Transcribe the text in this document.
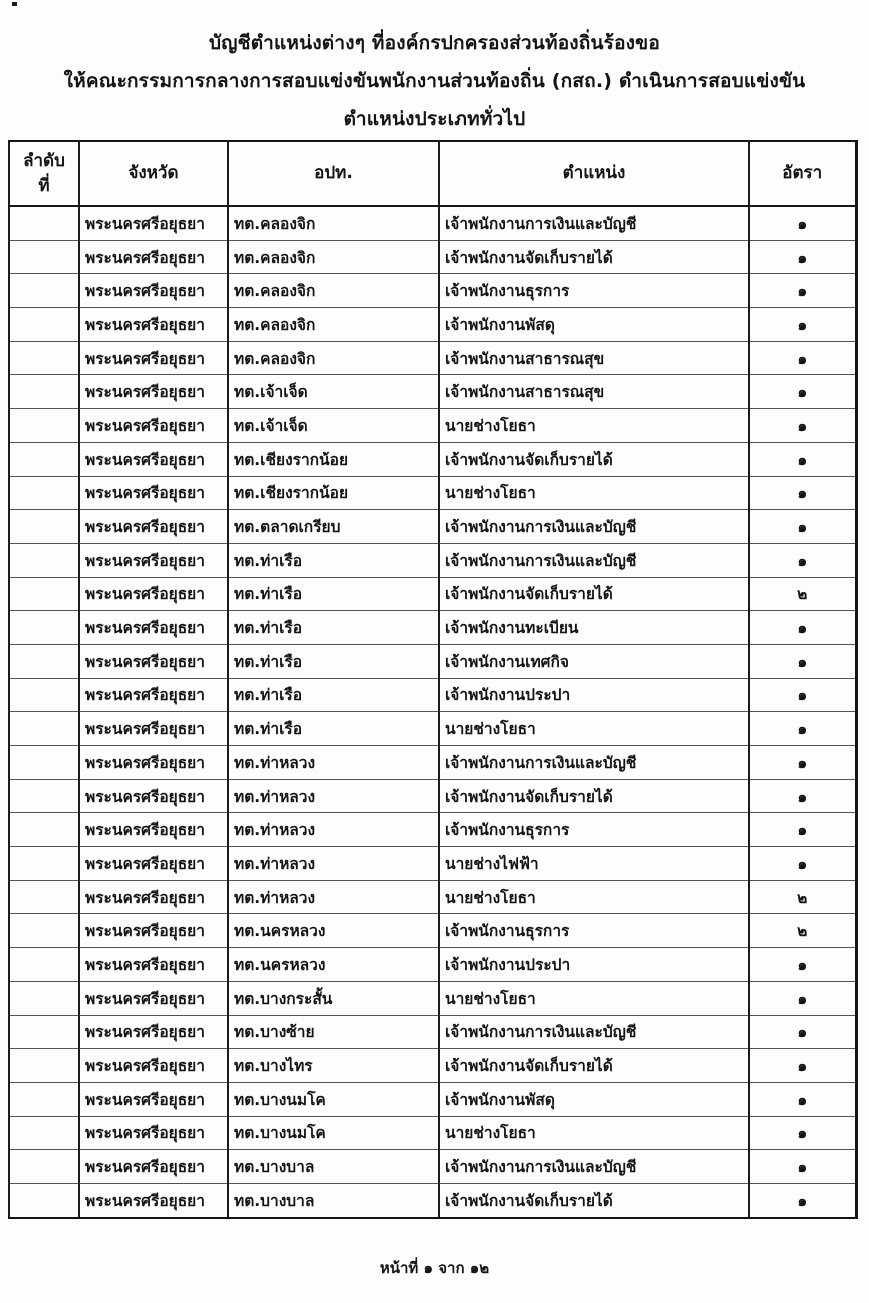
บัญชีตำแหน่งต่างๆ ที่องค์กรปกครองส่วนท้องถิ่นร้องขอ
ให้คณะกรรมการกลางการสอบแข่งขันพนักงานส่วนท้องถิ่น (กสถ.) ดำเนินการสอบแข่งขัน
ตำแหน่งประเภททั่วไป
ลำดับ
ที่	จังหวัด	อปท.	ตำแหน่ง	อัตรา
	พระนครศรีอยุธยา	ทต.คลองจิก	เจ้าพนักงานการเงินและบัญชี	๑
	พระนครศรีอยุธยา	ทต.คลองจิก	เจ้าพนักงานจัดเก็บรายได้	๑
	พระนครศรีอยุธยา	ทต.คลองจิก	เจ้าพนักงานธุรการ	๑
	พระนครศรีอยุธยา	ทต.คลองจิก	เจ้าพนักงานพัสดุ	๑
	พระนครศรีอยุธยา	ทต.คลองจิก	เจ้าพนักงานสาธารณสุข	๑
	พระนครศรีอยุธยา	ทต.เจ้าเจ็ด	เจ้าพนักงานสาธารณสุข	๑
	พระนครศรีอยุธยา	ทต.เจ้าเจ็ด	นายช่างโยธา	๑
	พระนครศรีอยุธยา	ทต.เชียงรากน้อย	เจ้าพนักงานจัดเก็บรายได้	๑
	พระนครศรีอยุธยา	ทต.เชียงรากน้อย	นายช่างโยธา	๑
	พระนครศรีอยุธยา	ทต.ตลาดเกรียบ	เจ้าพนักงานการเงินและบัญชี	๑
	พระนครศรีอยุธยา	ทต.ท่าเรือ	เจ้าพนักงานการเงินและบัญชี	๑
	พระนครศรีอยุธยา	ทต.ท่าเรือ	เจ้าพนักงานจัดเก็บรายได้	๒
	พระนครศรีอยุธยา	ทต.ท่าเรือ	เจ้าพนักงานทะเบียน	๑
	พระนครศรีอยุธยา	ทต.ท่าเรือ	เจ้าพนักงานเทศกิจ	๑
	พระนครศรีอยุธยา	ทต.ท่าเรือ	เจ้าพนักงานประปา	๑
	พระนครศรีอยุธยา	ทต.ท่าเรือ	นายช่างโยธา	๑
	พระนครศรีอยุธยา	ทต.ท่าหลวง	เจ้าพนักงานการเงินและบัญชี	๑
	พระนครศรีอยุธยา	ทต.ท่าหลวง	เจ้าพนักงานจัดเก็บรายได้	๑
	พระนครศรีอยุธยา	ทต.ท่าหลวง	เจ้าพนักงานธุรการ	๑
	พระนครศรีอยุธยา	ทต.ท่าหลวง	นายช่างไฟฟ้า	๑
	พระนครศรีอยุธยา	ทต.ท่าหลวง	นายช่างโยธา	๒
	พระนครศรีอยุธยา	ทต.นครหลวง	เจ้าพนักงานธุรการ	๒
	พระนครศรีอยุธยา	ทต.นครหลวง	เจ้าพนักงานประปา	๑
	พระนครศรีอยุธยา	ทต.บางกระสั้น	นายช่างโยธา	๑
	พระนครศรีอยุธยา	ทต.บางซ้าย	เจ้าพนักงานการเงินและบัญชี	๑
	พระนครศรีอยุธยา	ทต.บางไทร	เจ้าพนักงานจัดเก็บรายได้	๑
	พระนครศรีอยุธยา	ทต.บางนมโค	เจ้าพนักงานพัสดุ	๑
	พระนครศรีอยุธยา	ทต.บางนมโค	นายช่างโยธา	๑
	พระนครศรีอยุธยา	ทต.บางบาล	เจ้าพนักงานการเงินและบัญชี	๑
	พระนครศรีอยุธยา	ทต.บางบาล	เจ้าพนักงานจัดเก็บรายได้	๑
หน้าที่ ๑ จาก ๑๒
